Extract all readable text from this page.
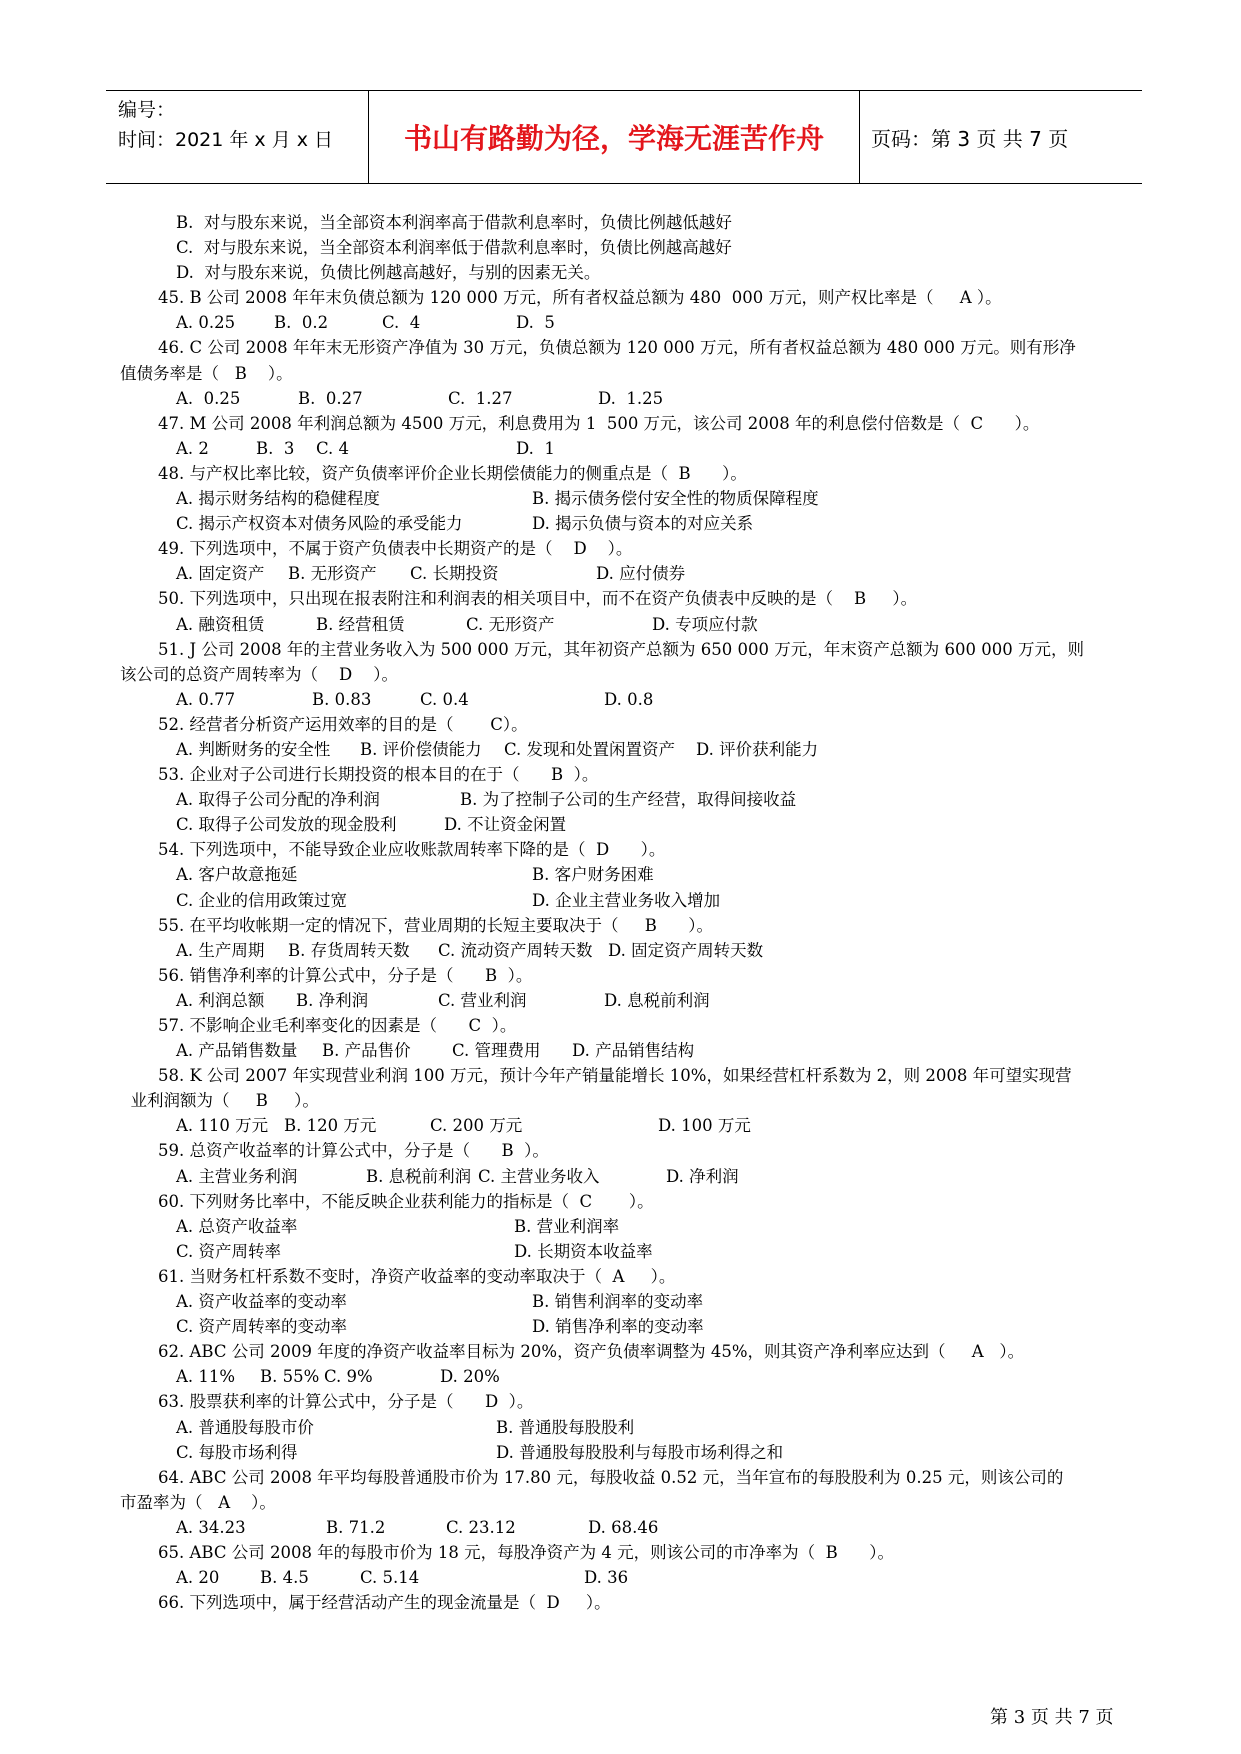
编号：
时间：2021 年 x 月 x 日	书山有路勤为径，学海无涯苦作舟	页码：第 3 页 共 7 页
B.  对与股东来说，当全部资本利润率高于借款利息率时，负债比例越低越好
C.  对与股东来说，当全部资本利润率低于借款利息率时，负债比例越高越好
D.  对与股东来说，负债比例越高越好，与别的因素无关。
45. B 公司 2008 年年末负债总额为 120 000 万元，所有者权益总额为 480  000 万元，则产权比率是（     A ）。
A. 0.25 B.  0.2	C.  4	D.  5
46. C 公司 2008 年年末无形资产净值为 30 万元，负债总额为 120 000 万元，所有者权益总额为 480 000 万元。则有形净
值债务率是（   B    ）。
A.  0.25	B.  0.27	C.  1.27	D.  1.25
47. M 公司 2008 年利润总额为 4500 万元，利息费用为 1  500 万元，该公司 2008 年的利息偿付倍数是（  C      ）。
A. 2	B.  3 C. 4	D.  1
48. 与产权比率比较，资产负债率评价企业长期偿债能力的侧重点是（  B      ）。
A. 揭示财务结构的稳健程度	B. 揭示债务偿付安全性的物质保障程度
C. 揭示产权资本对债务风险的承受能力	D. 揭示负债与资本的对应关系
49. 下列选项中，不属于资产负债表中长期资产的是（    D    ）。
A. 固定资产 B. 无形资产 C. 长期投资	D. 应付债券
50. 下列选项中，只出现在报表附注和利润表的相关项目中，而不在资产负债表中反映的是（    B     ）。
A. 融资租赁	B. 经营租赁	C. 无形资产	D. 专项应付款
51. J 公司 2008 年的主营业务收入为 500 000 万元，其年初资产总额为 650 000 万元，年末资产总额为 600 000 万元，则
该公司的总资产周转率为（    D    ）。
A. 0.77	B. 0.83	C. 0.4	D. 0.8
52. 经营者分析资产运用效率的目的是（       C）。
A. 判断财务的安全性 B. 评价偿债能力 C. 发现和处置闲置资产 D. 评价获利能力
53. 企业对子公司进行长期投资的根本目的在于（      B  ）。
A. 取得子公司分配的净利润	B. 为了控制子公司的生产经营，取得间接收益
C. 取得子公司发放的现金股利	D. 不让资金闲置
54. 下列选项中，不能导致企业应收账款周转率下降的是（  D      ）。
A. 客户故意拖延	B. 客户财务困难
C. 企业的信用政策过宽	D. 企业主营业务收入增加
55. 在平均收帐期一定的情况下，营业周期的长短主要取决于（     B      ）。
A. 生产周期 B. 存货周转天数 C. 流动资产周转天数 D. 固定资产周转天数
56. 销售净利率的计算公式中，分子是（      B  ）。
A. 利润总额 B. 净利润	C. 营业利润	D. 息税前利润
57. 不影响企业毛利率变化的因素是（      C  ）。
A. 产品销售数量 B. 产品售价	C. 管理费用 D. 产品销售结构
58. K 公司 2007 年实现营业利润 100 万元，预计今年产销量能增长 10%，如果经营杠杆系数为 2，则 2008 年可望实现营
业利润额为（     B     ）。
A. 110 万元 B. 120 万元	C. 200 万元	D. 100 万元
59. 总资产收益率的计算公式中，分子是（      B  ）。
A. 主营业务利润	B. 息税前利润 C. 主营业务收入	D. 净利润
60. 下列财务比率中，不能反映企业获利能力的指标是（  C       ）。
A. 总资产收益率	B. 营业利润率
C. 资产周转率	D. 长期资本收益率
61. 当财务杠杆系数不变时，净资产收益率的变动率取决于（  A     ）。
A. 资产收益率的变动率	B. 销售利润率的变动率
C. 资产周转率的变动率	D. 销售净利率的变动率
62. ABC 公司 2009 年度的净资产收益率目标为 20%，资产负债率调整为 45%，则其资产净利率应达到（     A   ）。
A. 11% B. 55% C. 9%	D. 20%
63. 股票获利率的计算公式中，分子是（      D  ）。
A. 普通股每股市价	B. 普通股每股股利
C. 每股市场利得	D. 普通股每股股利与每股市场利得之和
64. ABC 公司 2008 年平均每股普通股市价为 17.80 元，每股收益 0.52 元，当年宣布的每股股利为 0.25 元，则该公司的
市盈率为（   A    ）。
A. 34.23	B. 71.2	C. 23.12	D. 68.46
65. ABC 公司 2008 年的每股市价为 18 元，每股净资产为 4 元，则该公司的市净率为（  B      ）。
A. 20 B. 4.5	C. 5.14	D. 36
66. 下列选项中，属于经营活动产生的现金流量是（  D     ）。
第 3 页 共 7 页
